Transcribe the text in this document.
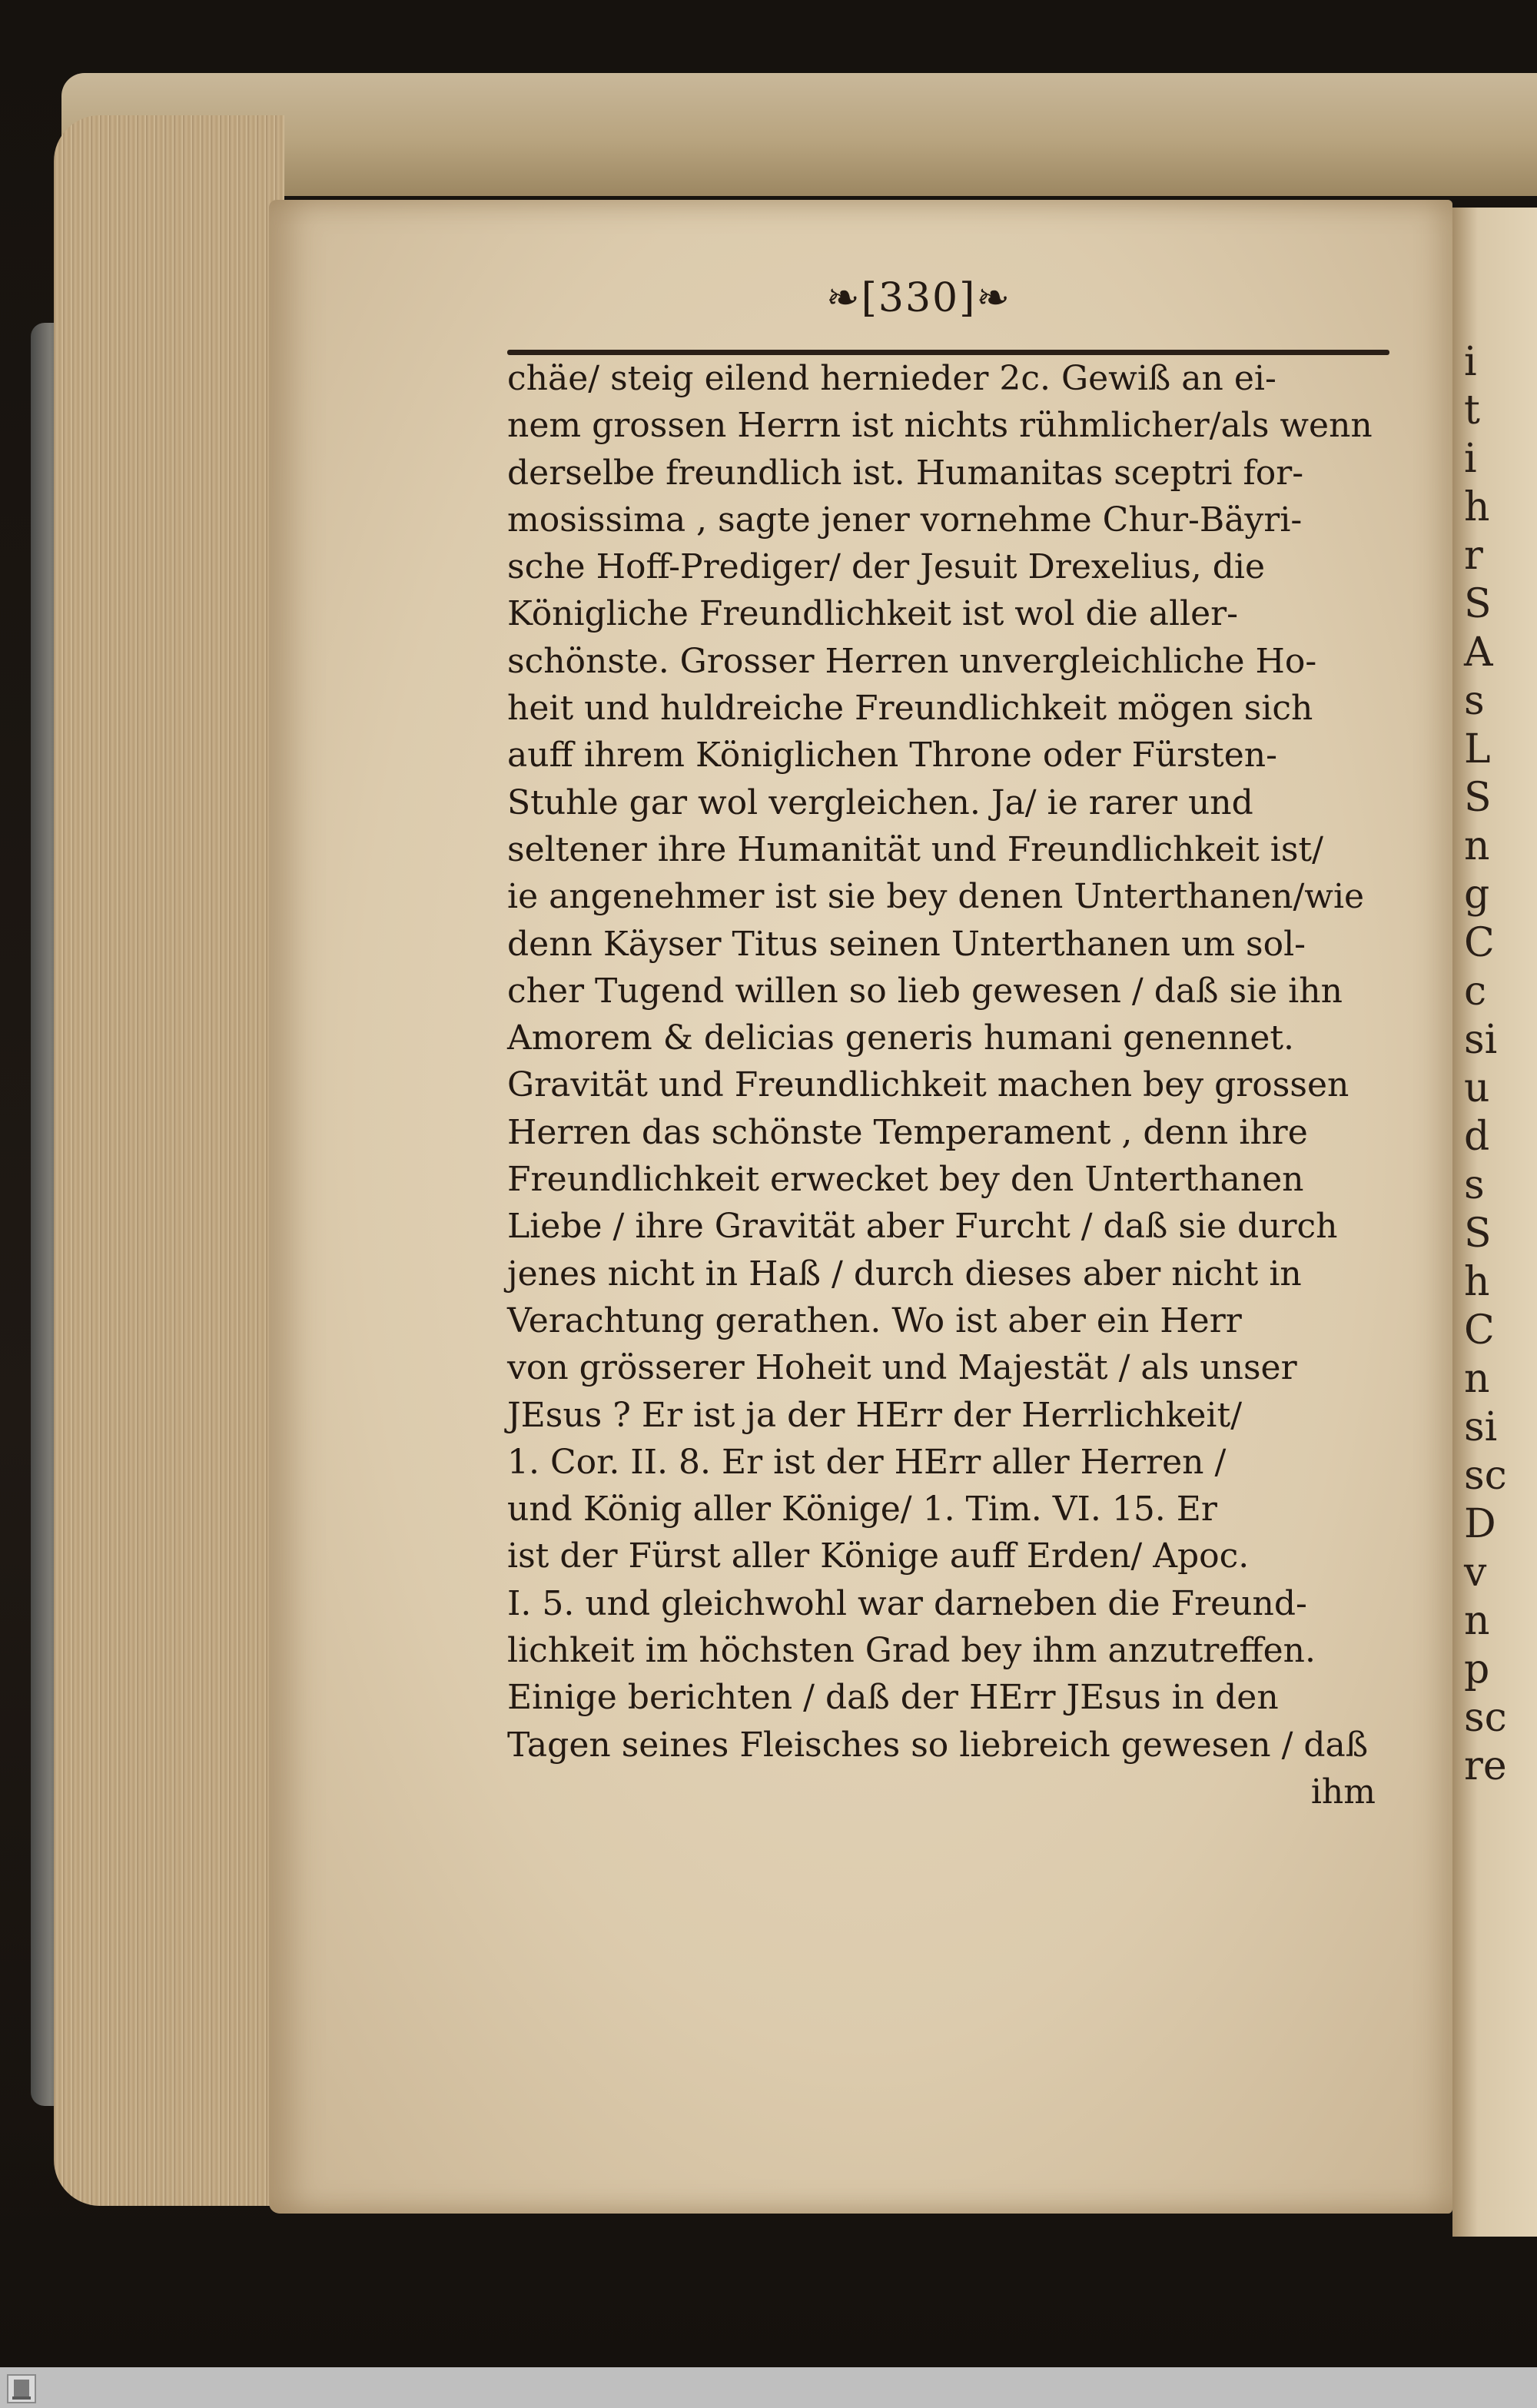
i
t
i
h
r
S
A
s
L
S
n
g
C
c
si
u
d
s
S
h
C
n
si
sc
D
v
n
p
sc
re
❧[330]❧
chäe/ steig eilend hernieder 2c. Gewiß an ei-
nem grossen Herrn ist nichts rühmlicher/als wenn
derselbe freundlich ist. Humanitas sceptri for-
mosissima , sagte jener vornehme Chur-Bäyri-
sche Hoff-Prediger/ der Jesuit Drexelius, die
Königliche Freundlichkeit ist wol die aller-
schönste. Grosser Herren unvergleichliche Ho-
heit und huldreiche Freundlichkeit mögen sich
auff ihrem Königlichen Throne oder Fürsten-
Stuhle gar wol vergleichen. Ja/ ie rarer und
seltener ihre Humanität und Freundlichkeit ist/
ie angenehmer ist sie bey denen Unterthanen/wie
denn Käyser Titus seinen Unterthanen um sol-
cher Tugend willen so lieb gewesen / daß sie ihn
Amorem & delicias generis humani genennet.
Gravität und Freundlichkeit machen bey grossen
Herren das schönste Temperament , denn ihre
Freundlichkeit erwecket bey den Unterthanen
Liebe / ihre Gravität aber Furcht / daß sie durch
jenes nicht in Haß / durch dieses aber nicht in
Verachtung gerathen. Wo ist aber ein Herr
von grösserer Hoheit und Majestät / als unser
JEsus ? Er ist ja der HErr der Herrlichkeit/
1. Cor. II. 8. Er ist der HErr aller Herren /
und König aller Könige/ 1. Tim. VI. 15. Er
ist der Fürst aller Könige auff Erden/ Apoc.
I. 5. und gleichwohl war darneben die Freund-
lichkeit im höchsten Grad bey ihm anzutreffen.
Einige berichten / daß der HErr JEsus in den
Tagen seines Fleisches so liebreich gewesen / daß
ihm
